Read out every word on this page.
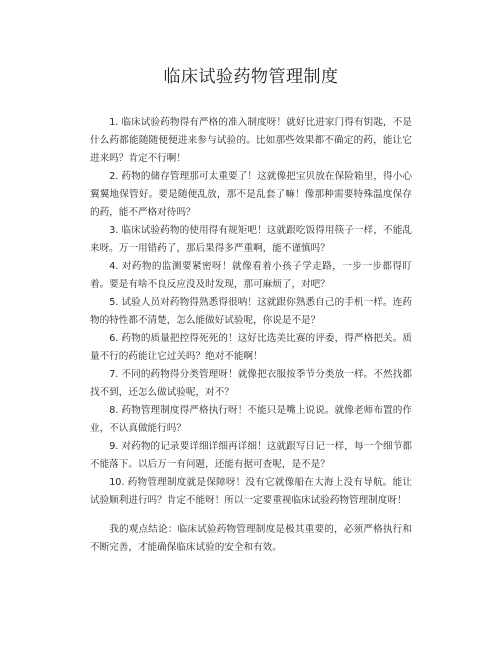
临床试验药物管理制度

1. 临床试验药物得有严格的准入制度呀！就好比进家门得有钥匙，不是什么药都能随随便便进来参与试验的。比如那些效果都不确定的药，能让它进来吗？肯定不行啊！

2. 药物的储存管理那可太重要了！这就像把宝贝放在保险箱里，得小心翼翼地保管好。要是随便乱放，那不是乱套了嘛！像那种需要特殊温度保存的药，能不严格对待吗？

3. 临床试验药物的使用得有规矩吧！这就跟吃饭得用筷子一样，不能乱来呀。万一用错药了，那后果得多严重啊，能不谨慎吗？

4. 对药物的监测要紧密呀！就像看着小孩子学走路，一步一步都得盯着。要是有啥不良反应没及时发现，那可麻烦了，对吧？

5. 试验人员对药物得熟悉得很呐！这就跟你熟悉自己的手机一样。连药物的特性都不清楚，怎么能做好试验呢，你说是不是？

6. 药物的质量把控得死死的！这好比选美比赛的评委，得严格把关。质量不行的药能让它过关吗？绝对不能啊！

7. 不同的药物得分类管理呀！就像把衣服按季节分类放一样。不然找都找不到，还怎么做试验呢，对不？

8. 药物管理制度得严格执行呀！不能只是嘴上说说。就像老师布置的作业，不认真做能行吗？

9. 对药物的记录要详细详细再详细！这就跟写日记一样，每一个细节都不能落下。以后万一有问题，还能有据可查呢，是不是？

10. 药物管理制度就是保障呀！没有它就像船在大海上没有导航。能让试验顺利进行吗？肯定不能呀！所以一定要重视临床试验药物管理制度呀！

我的观点结论：临床试验药物管理制度是极其重要的，必须严格执行和不断完善，才能确保临床试验的安全和有效。
